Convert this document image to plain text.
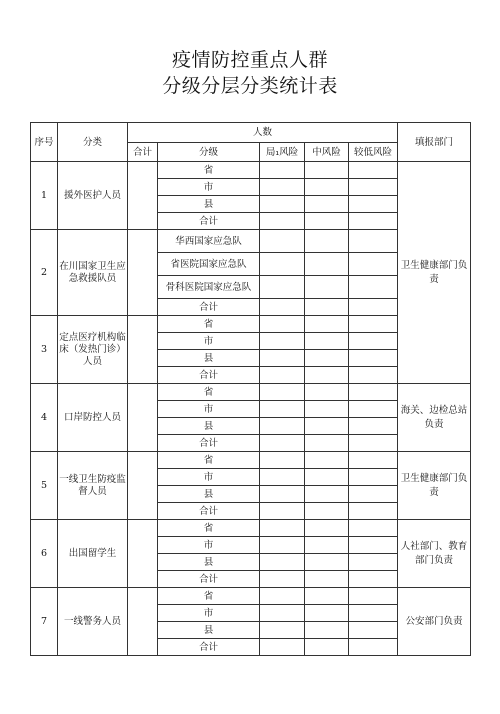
疫情防控重点人群
分级分层分类统计表
序号	分类	人数					填报部门
		合计	分级	局₁风险	中风险	较低风险	
1	援外医护人员		省				卫生健康部门负责
			市				
			县				
			合计				
2	在川国家卫生应急救援队员		华西国家应急队				
			省医院国家应急队				
			骨科医院国家应急队				
			合计				
3	定点医疗机构临床（发热门诊）人员		省				
			市				
			县				
			合计				
4	口岸防控人员		省				海关、边检总站负责
			市				
			县				
			合计				
5	一线卫生防疫监督人员		省				卫生健康部门负责
			市				
			县				
			合计				
6	出国留学生		省				人社部门、教育部门负责
			市				
			县				
			合计				
7	一线警务人员		省				公安部门负责
			市				
			县				
			合计				
